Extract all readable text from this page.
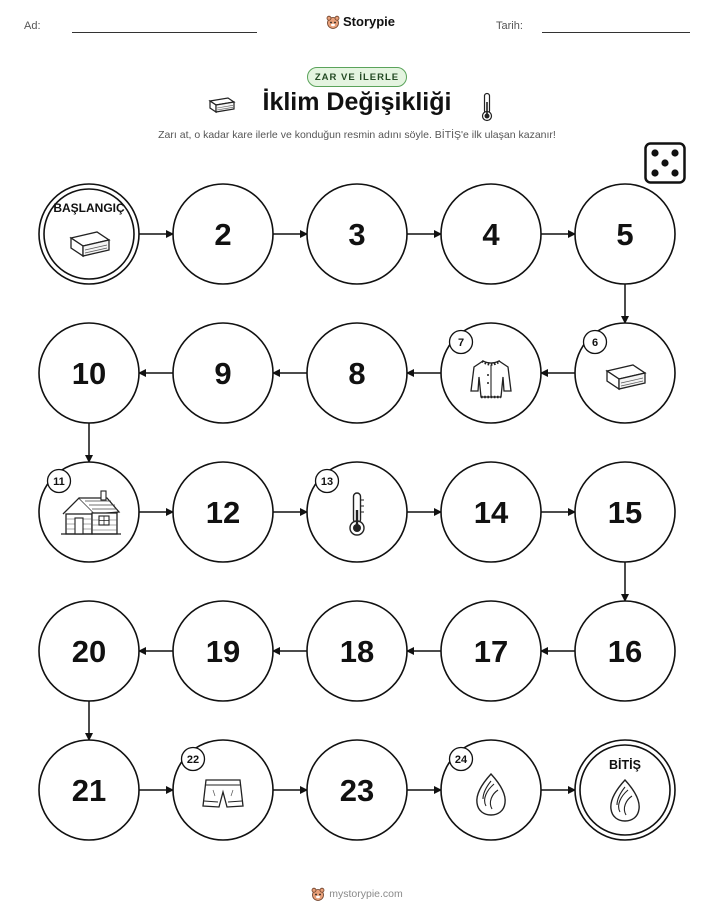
Ad:	Storypie	Tarih:
ZAR VE İLERLE
İklim Değişikliği
Zarı at, o kadar kare ilerle ve konduğun resmin adını söyle. BİTİŞ'e ilk ulaşan kazanır!
BAŞLANGIÇ
2	3	4	5
6
7
8
9
10
11
12
13
14	15
16
17
18
19
20
21
22
23
24	BİTİŞ
mystorypie.com
